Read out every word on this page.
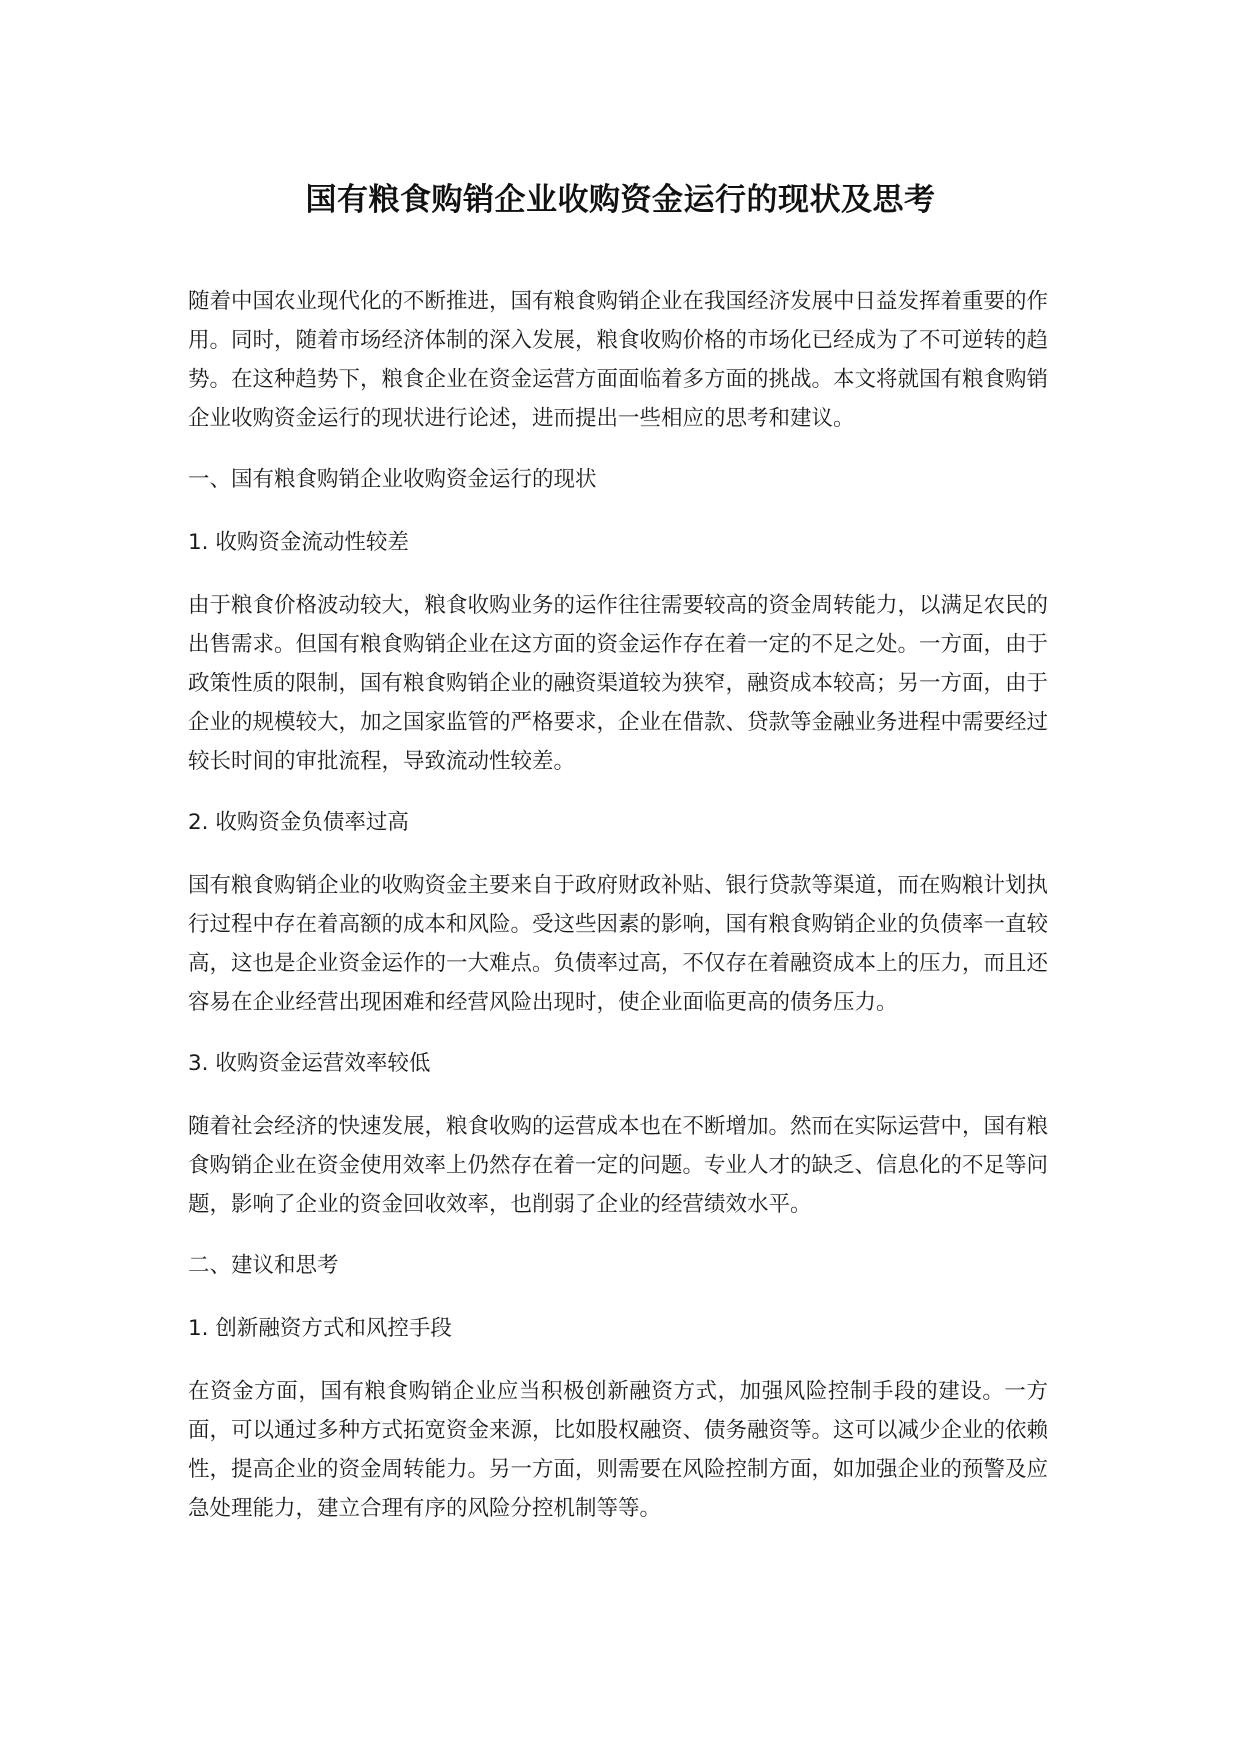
国有粮食购销企业收购资金运行的现状及思考

随着中国农业现代化的不断推进，国有粮食购销企业在我国经济发展中日益发挥着重要的作用。同时，随着市场经济体制的深入发展，粮食收购价格的市场化已经成为了不可逆转的趋势。在这种趋势下，粮食企业在资金运营方面面临着多方面的挑战。本文将就国有粮食购销企业收购资金运行的现状进行论述，进而提出一些相应的思考和建议。

一、国有粮食购销企业收购资金运行的现状

1. 收购资金流动性较差

由于粮食价格波动较大，粮食收购业务的运作往往需要较高的资金周转能力，以满足农民的出售需求。但国有粮食购销企业在这方面的资金运作存在着一定的不足之处。一方面，由于政策性质的限制，国有粮食购销企业的融资渠道较为狭窄，融资成本较高；另一方面，由于企业的规模较大，加之国家监管的严格要求，企业在借款、贷款等金融业务进程中需要经过较长时间的审批流程，导致流动性较差。

2. 收购资金负债率过高

国有粮食购销企业的收购资金主要来自于政府财政补贴、银行贷款等渠道，而在购粮计划执行过程中存在着高额的成本和风险。受这些因素的影响，国有粮食购销企业的负债率一直较高，这也是企业资金运作的一大难点。负债率过高，不仅存在着融资成本上的压力，而且还容易在企业经营出现困难和经营风险出现时，使企业面临更高的债务压力。

3. 收购资金运营效率较低

随着社会经济的快速发展，粮食收购的运营成本也在不断增加。然而在实际运营中，国有粮食购销企业在资金使用效率上仍然存在着一定的问题。专业人才的缺乏、信息化的不足等问题，影响了企业的资金回收效率，也削弱了企业的经营绩效水平。

二、建议和思考

1. 创新融资方式和风控手段

在资金方面，国有粮食购销企业应当积极创新融资方式，加强风险控制手段的建设。一方面，可以通过多种方式拓宽资金来源，比如股权融资、债务融资等。这可以减少企业的依赖性，提高企业的资金周转能力。另一方面，则需要在风险控制方面，如加强企业的预警及应急处理能力，建立合理有序的风险分控机制等等。
